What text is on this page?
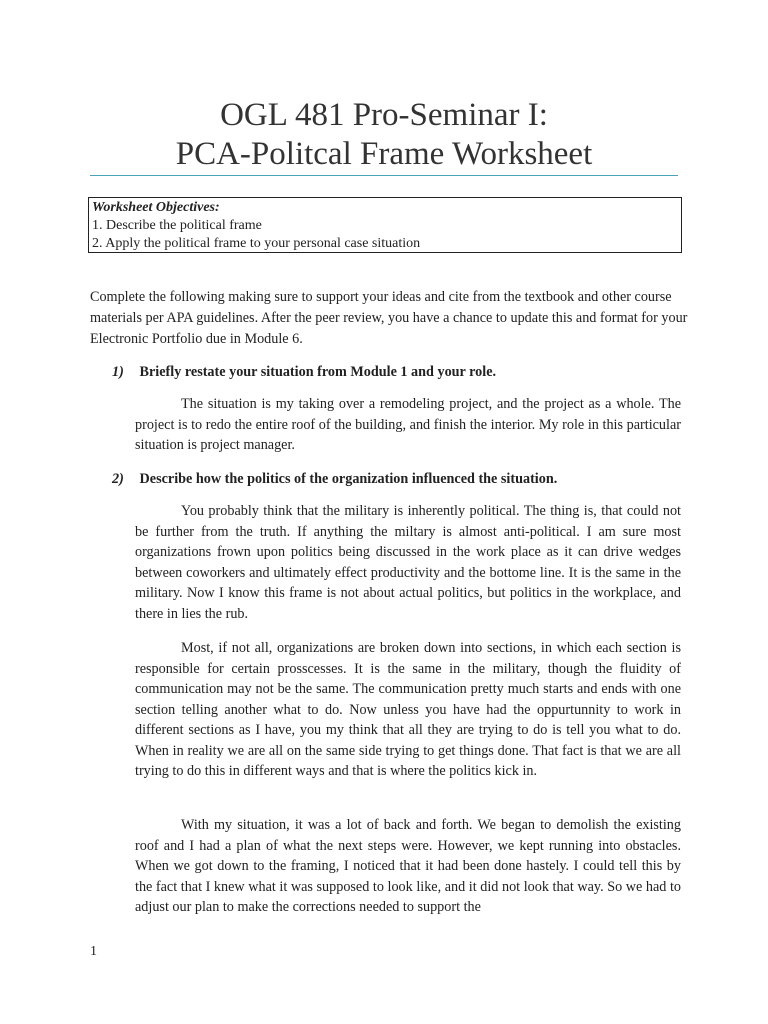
OGL 481 Pro-Seminar I:
PCA-Politcal Frame Worksheet
Worksheet Objectives:
1. Describe the political frame
2. Apply the political frame to your personal case situation

Complete the following making sure to support your ideas and cite from the textbook and other course materials per APA guidelines. After the peer review, you have a chance to update this and format for your Electronic Portfolio due in Module 6.

1) Briefly restate your situation from Module 1 and your role.

The situation is my taking over a remodeling project, and the project as a whole. The project is to redo the entire roof of the building, and finish the interior. My role in this particular situation is project manager.

2) Describe how the politics of the organization influenced the situation.

You probably think that the military is inherently political. The thing is, that could not be further from the truth. If anything the miltary is almost anti-political. I am sure most organizations frown upon politics being discussed in the work place as it can drive wedges between coworkers and ultimately effect productivity and the bottome line. It is the same in the military. Now I know this frame is not about actual politics, but politics in the workplace, and there in lies the rub.

Most, if not all, organizations are broken down into sections, in which each section is responsible for certain prosscesses. It is the same in the military, though the fluidity of communication may not be the same. The communication pretty much starts and ends with one section telling another what to do. Now unless you have had the oppurtunnity to work in different sections as I have, you my think that all they are trying to do is tell you what to do. When in reality we are all on the same side trying to get things done. That fact is that we are all trying to do this in different ways and that is where the politics kick in.

With my situation, it was a lot of back and forth. We began to demolish the existing roof and I had a plan of what the next steps were. However, we kept running into obstacles. When we got down to the framing, I noticed that it had been done hastely. I could tell this by the fact that I knew what it was supposed to look like, and it did not look that way. So we had to adjust our plan to make the corrections needed to support the

1
